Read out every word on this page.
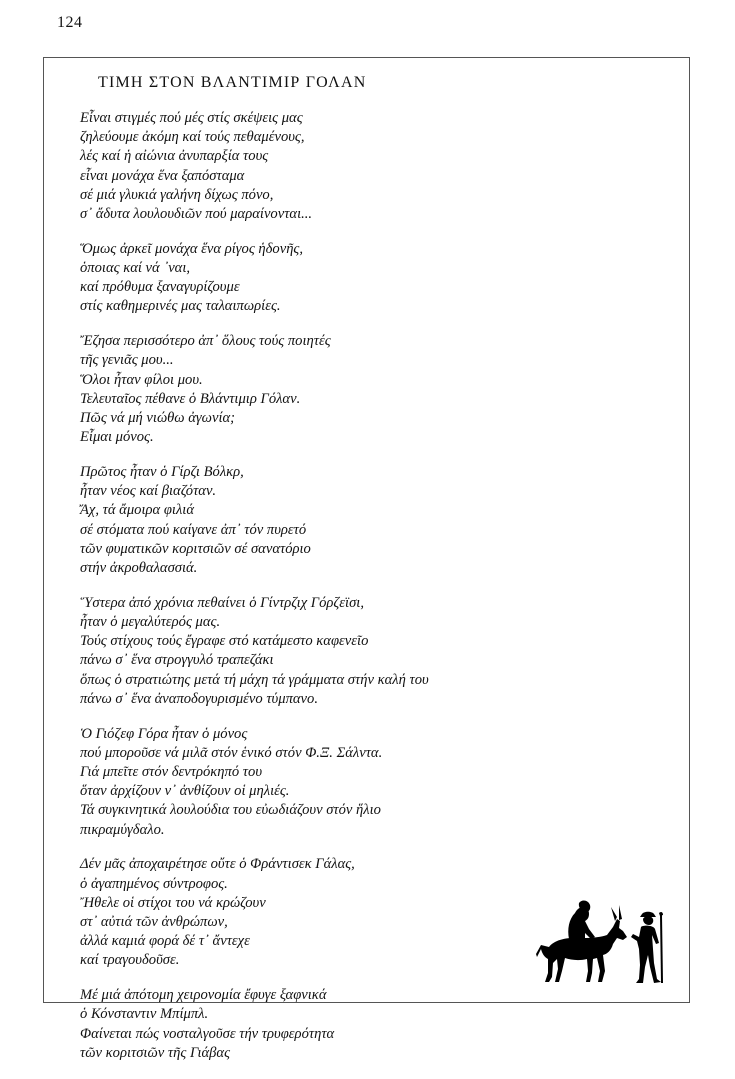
124
ΤΙΜΗ ΣΤΟΝ ΒΛΑΝΤΙΜΙΡ ΓΟΛΑΝ
Εἶναι στιγμές πού μές στίς σκέψεις μας
ζηλεύουμε ἀκόμη καί τούς πεθαμένους,
λές καί ἡ αἰώνια ἀνυπαρξία τους
εἶναι μονάχα ἕνα ξαπόσταμα
σέ μιά γλυκιά γαλήνη δίχως πόνο,
σ᾽ ἄδυτα λουλουδιῶν πού μαραίνονται...
Ὅμως ἀρκεῖ μονάχα ἕνα ρίγος ἡδονῆς,
ὁποιας καί νά ᾽ναι,
καί πρόθυμα ξαναγυρίζουμε
στίς καθημερινές μας ταλαιπωρίες.
Ἔζησα περισσότερο ἀπ᾽ ὅλους τούς ποιητές
τῆς γενιᾶς μου...
Ὅλοι ἦταν φίλοι μου.
Τελευταῖος πέθανε ὁ Βλάντιμιρ Γόλαν.
Πῶς νά μή νιώθω ἀγωνία;
Εἶμαι μόνος.
Πρῶτος ἦταν ὁ Γίρζι Βόλκρ,
ἦταν νέος καί βιαζόταν.
Ἄχ, τά ἄμοιρα φιλιά
σέ στόματα πού καίγανε ἀπ᾽ τόν πυρετό
τῶν φυματικῶν κοριτσιῶν σέ σανατόριο
στήν ἀκροθαλασσιά.
Ὕστερα ἀπό χρόνια πεθαίνει ὁ Γίντρζιχ Γόρζεϊσι,
ἦταν ὁ μεγαλύτερός μας.
Τούς στίχους τούς ἔγραφε στό κατάμεστο καφενεῖο
πάνω σ᾽ ἕνα στρογγυλό τραπεζάκι
ὅπως ὁ στρατιώτης μετά τή μάχη τά γράμματα στήν καλή του
πάνω σ᾽ ἕνα ἀναποδογυρισμένο τύμπανο.
Ὁ Γιόζεφ Γόρα ἦταν ὁ μόνος
πού μποροῦσε νά μιλᾶ στόν ἑνικό στόν Φ.Ξ. Σάλντα.
Γιά μπεῖτε στόν δεντρόκηπό του
ὅταν ἀρχίζουν ν᾽ ἀνθίζουν οἱ μηλιές.
Τά συγκινητικά λουλούδια του εὐωδιάζουν στόν ἥλιο
πικραμύγδαλο.
Δέν μᾶς ἀποχαιρέτησε οὔτε ὁ Φράντισεκ Γάλας,
ὁ ἀγαπημένος σύντροφος.
Ἤθελε οἱ στίχοι του νά κρώζουν
στ᾽ αὐτιά τῶν ἀνθρώπων,
ἀλλά καμιά φορά δέ τ᾽ ἄντεχε
καί τραγουδοῦσε.
Μέ μιά ἀπότομη χειρονομία ἔφυγε ξαφνικά
ὁ Κόνσταντιν Μπίμπλ.
Φαίνεται πώς νοσταλγοῦσε τήν τρυφερότητα
τῶν κοριτσιῶν τῆς Γιάβας
